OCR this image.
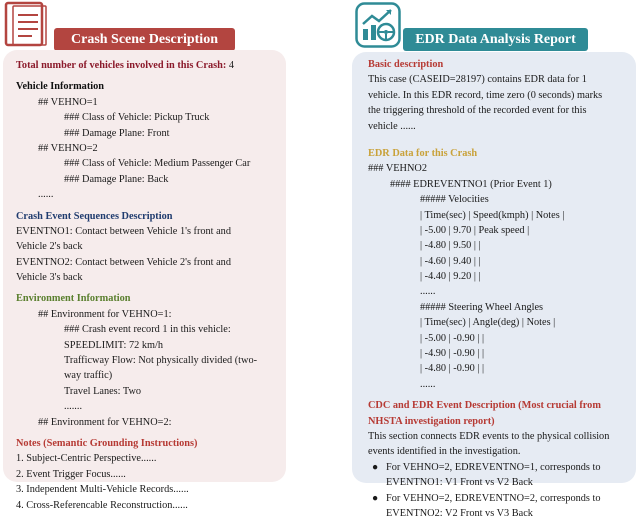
Crash Scene Description	EDR Data Analysis Report
Total number of vehicles involved in this Crash: 4
Vehicle Information
## VEHNO=1
### Class of Vehicle: Pickup Truck
### Damage Plane: Front
## VEHNO=2
### Class of Vehicle: Medium Passenger Car
### Damage Plane: Back
......
Crash Event Sequences Description
EVENTNO1: Contact between Vehicle 1's front and
Vehicle 2's back
EVENTNO2: Contact between Vehicle 2's front and
Vehicle 3's back
Environment Information
## Environment for VEHNO=1:
### Crash event record 1 in this vehicle:
SPEEDLIMIT: 72 km/h
Trafficway Flow: Not physically divided (two-
way traffic)
Travel Lanes: Two
.......
## Environment for VEHNO=2:
Notes (Semantic Grounding Instructions)
1. Subject-Centric Perspective......
2. Event Trigger Focus......
3. Independent Multi-Vehicle Records......
4. Cross-Referencable Reconstruction......
Basic description
This case (CASEID=28197) contains EDR data for 1
vehicle. In this EDR record, time zero (0 seconds) marks
the triggering threshold of the recorded event for this
vehicle ......
EDR Data for this Crash
### VEHNO2
#### EDREVENTNO1 (Prior Event 1)
##### Velocities
| Time(sec) | Speed(kmph) | Notes |
| -5.00 | 9.70 | Peak speed |
| -4.80 | 9.50 | |
| -4.60 | 9.40 | |
| -4.40 | 9.20 | |
......
##### Steering Wheel Angles
| Time(sec) | Angle(deg) | Notes |
| -5.00 | -0.90 | |
| -4.90 | -0.90 | |
| -4.80 | -0.90 | |
......
CDC and EDR Event Description (Most crucial from
NHSTA investigation report)
This section connects EDR events to the physical collision
events identified in the investigation.
● For VEHNO=2, EDREVENTNO=1, corresponds to
EVENTNO1: V1 Front vs V2 Back
● For VEHNO=2, EDREVENTNO=2, corresponds to
EVENTNO2: V2 Front vs V3 Back
